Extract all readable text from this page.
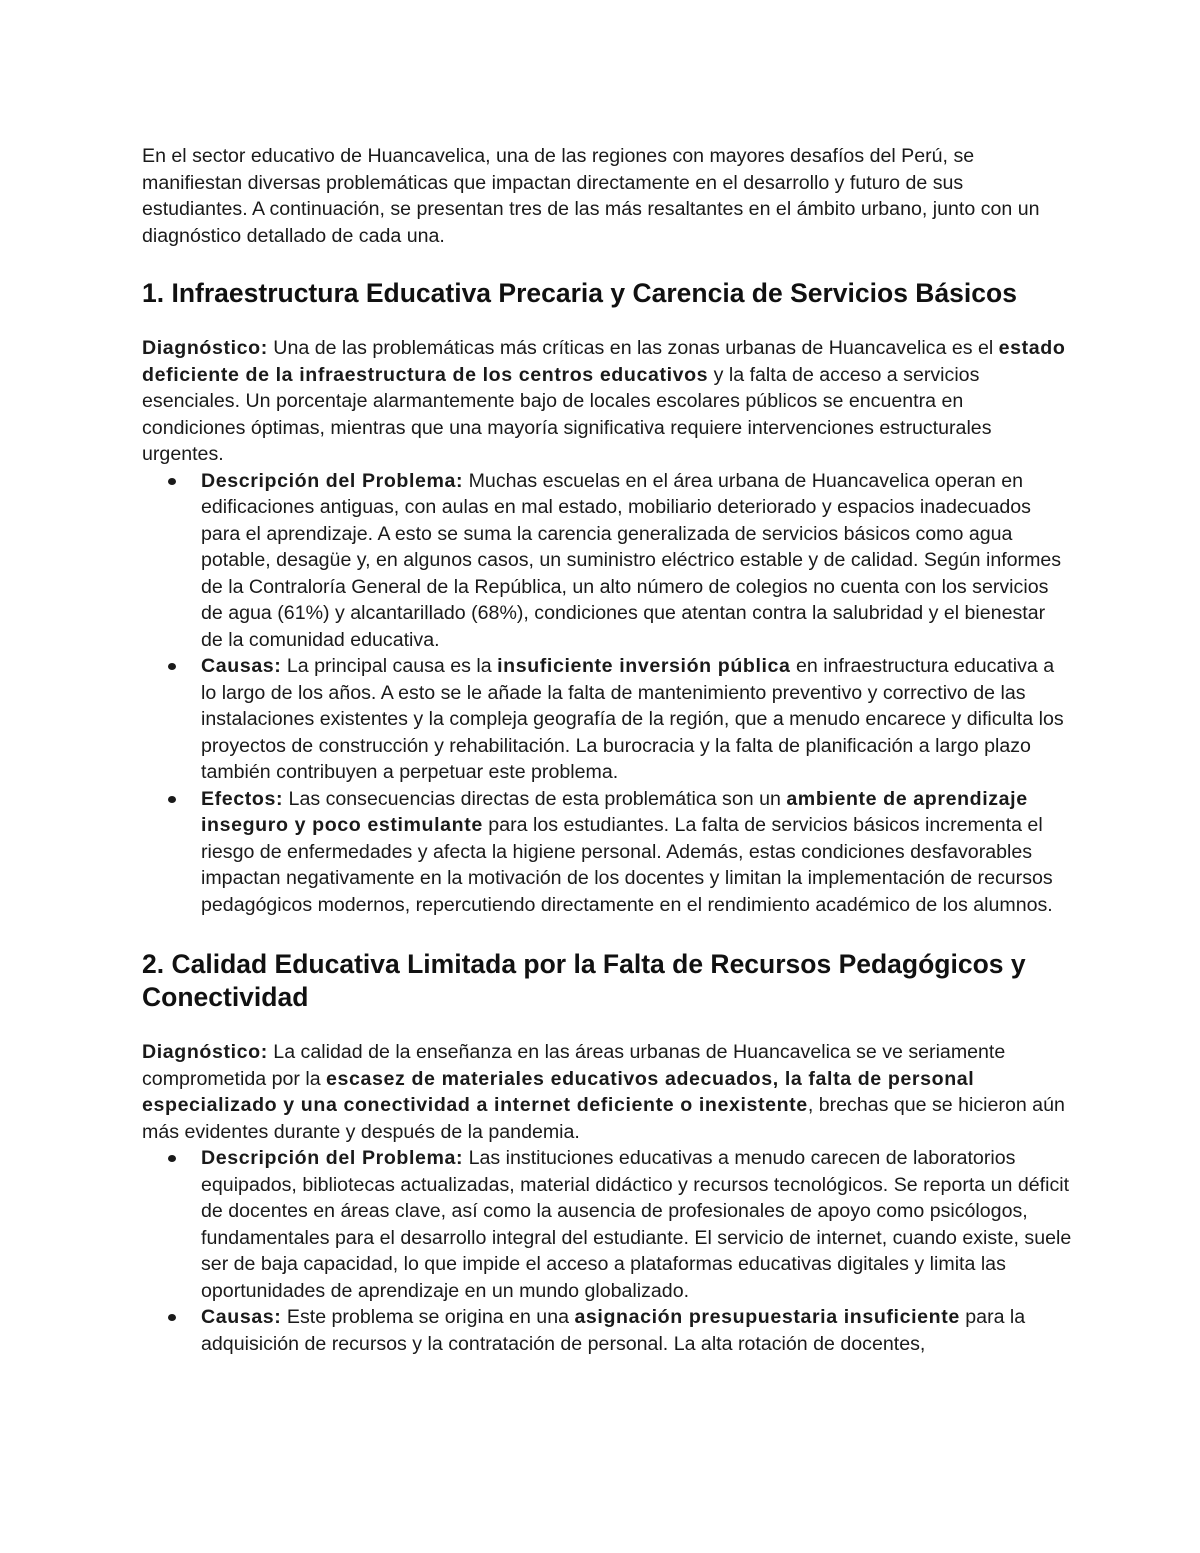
En el sector educativo de Huancavelica, una de las regiones con mayores desafíos del Perú, se manifiestan diversas problemáticas que impactan directamente en el desarrollo y futuro de sus estudiantes. A continuación, se presentan tres de las más resaltantes en el ámbito urbano, junto con un diagnóstico detallado de cada una.

1. Infraestructura Educativa Precaria y Carencia de Servicios Básicos

Diagnóstico: Una de las problemáticas más críticas en las zonas urbanas de Huancavelica es el estado deficiente de la infraestructura de los centros educativos y la falta de acceso a servicios esenciales. Un porcentaje alarmantemente bajo de locales escolares públicos se encuentra en condiciones óptimas, mientras que una mayoría significativa requiere intervenciones estructurales urgentes.

Descripción del Problema: Muchas escuelas en el área urbana de Huancavelica operan en edificaciones antiguas, con aulas en mal estado, mobiliario deteriorado y espacios inadecuados para el aprendizaje. A esto se suma la carencia generalizada de servicios básicos como agua potable, desagüe y, en algunos casos, un suministro eléctrico estable y de calidad. Según informes de la Contraloría General de la República, un alto número de colegios no cuenta con los servicios de agua (61%) y alcantarillado (68%), condiciones que atentan contra la salubridad y el bienestar de la comunidad educativa.
Causas: La principal causa es la insuficiente inversión pública en infraestructura educativa a lo largo de los años. A esto se le añade la falta de mantenimiento preventivo y correctivo de las instalaciones existentes y la compleja geografía de la región, que a menudo encarece y dificulta los proyectos de construcción y rehabilitación. La burocracia y la falta de planificación a largo plazo también contribuyen a perpetuar este problema.
Efectos: Las consecuencias directas de esta problemática son un ambiente de aprendizaje inseguro y poco estimulante para los estudiantes. La falta de servicios básicos incrementa el riesgo de enfermedades y afecta la higiene personal. Además, estas condiciones desfavorables impactan negativamente en la motivación de los docentes y limitan la implementación de recursos pedagógicos modernos, repercutiendo directamente en el rendimiento académico de los alumnos.
2. Calidad Educativa Limitada por la Falta de Recursos Pedagógicos y Conectividad

Diagnóstico: La calidad de la enseñanza en las áreas urbanas de Huancavelica se ve seriamente comprometida por la escasez de materiales educativos adecuados, la falta de personal especializado y una conectividad a internet deficiente o inexistente, brechas que se hicieron aún más evidentes durante y después de la pandemia.

Descripción del Problema: Las instituciones educativas a menudo carecen de laboratorios equipados, bibliotecas actualizadas, material didáctico y recursos tecnológicos. Se reporta un déficit de docentes en áreas clave, así como la ausencia de profesionales de apoyo como psicólogos, fundamentales para el desarrollo integral del estudiante. El servicio de internet, cuando existe, suele ser de baja capacidad, lo que impide el acceso a plataformas educativas digitales y limita las oportunidades de aprendizaje en un mundo globalizado.
Causas: Este problema se origina en una asignación presupuestaria insuficiente para la adquisición de recursos y la contratación de personal. La alta rotación de docentes,
